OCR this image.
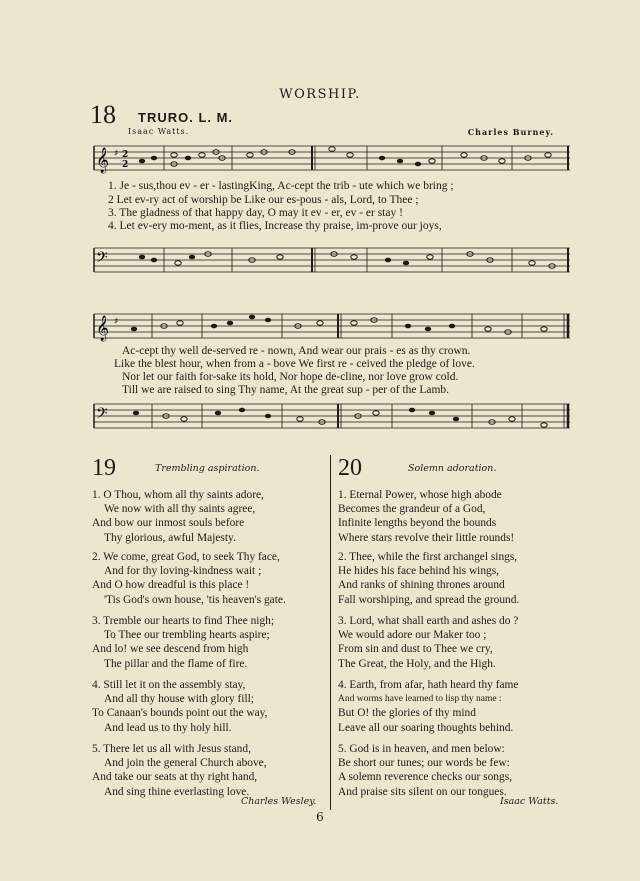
WORSHIP.
18 TRURO. L. M.
Isaac Watts.	Charles Burney.
𝄞 ♯ 2
2
𝄢
1. Je - sus,thou ev - er - lastingKing, Ac-cept the trib - ute which we bring ;
2 Let ev-ry act of worship be Like our es-pous - als, Lord, to Thee ;
3. The gladness of that happy day, O may it ev - er, ev - er stay !
4. Let ev-ery mo-ment, as it flies, Increase thy praise, im-prove our joys,
𝄞 ♯
𝄢
Ac-cept thy well de-served re - nown, And wear our prais - es as thy crown.
Like the blest hour, when from a - bove We first re - ceived the pledge of love.
Nor let our faith for-sake its hold, Nor hope de-cline, nor love grow cold.
Till we are raised to sing Thy name, At the great sup - per of the Lamb.
19	Trembling aspiration.
1. O Thou, whom all thy saints adore,
We now with all thy saints agree,
And bow our inmost souls before
Thy glorious, awful Majesty.
2. We come, great God, to seek Thy face,
And for thy loving-kindness wait ;
And O how dreadful is this place !
'Tis God's own house, 'tis heaven's gate.
3. Tremble our hearts to find Thee nigh;
To Thee our trembling hearts aspire;
And lo! we see descend from high
The pillar and the flame of fire.
4. Still let it on the assembly stay,
And all thy house with glory fill;
To Canaan's bounds point out the way,
And lead us to thy holy hill.
5. There let us all with Jesus stand,
And join the general Church above,
And take our seats at thy right hand,
And sing thine everlasting love.
Charles Wesley.
20	Solemn adoration.
1. Eternal Power, whose high abode
Becomes the grandeur of a God,
Infinite lengths beyond the bounds
Where stars revolve their little rounds!
2. Thee, while the first archangel sings,
He hides his face behind his wings,
And ranks of shining thrones around
Fall worshiping, and spread the ground.
3. Lord, what shall earth and ashes do ?
We would adore our Maker too ;
From sin and dust to Thee we cry,
The Great, the Holy, and the High.
4. Earth, from afar, hath heard thy fame
And worms have learned to lisp thy name :
But O! the glories of thy mind
Leave all our soaring thoughts behind.
5. God is in heaven, and men below:
Be short our tunes; our words be few:
A solemn reverence checks our songs,
And praise sits silent on our tongues.
Isaac Watts.
6
